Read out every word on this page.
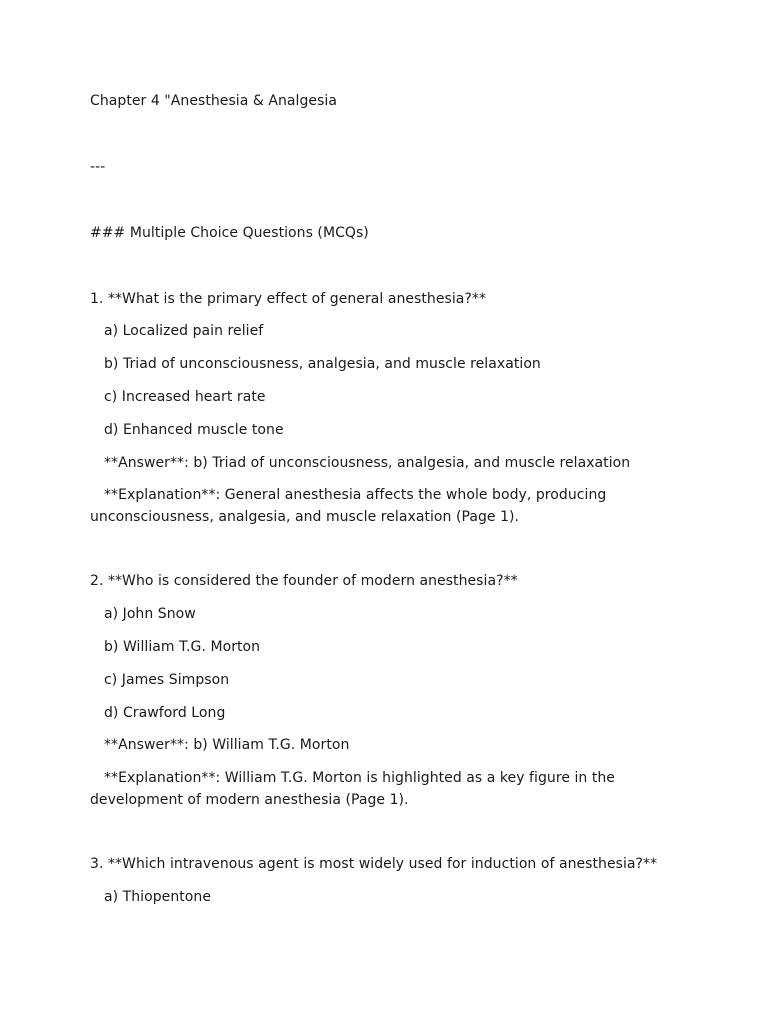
Chapter 4 "Anesthesia & Analgesia
---
### Multiple Choice Questions (MCQs)
1. **What is the primary effect of general anesthesia?**
a) Localized pain relief
b) Triad of unconsciousness, analgesia, and muscle relaxation
c) Increased heart rate
d) Enhanced muscle tone
**Answer**: b) Triad of unconsciousness, analgesia, and muscle relaxation
**Explanation**: General anesthesia affects the whole body, producing
unconsciousness, analgesia, and muscle relaxation (Page 1).
2. **Who is considered the founder of modern anesthesia?**
a) John Snow
b) William T.G. Morton
c) James Simpson
d) Crawford Long
**Answer**: b) William T.G. Morton
**Explanation**: William T.G. Morton is highlighted as a key figure in the
development of modern anesthesia (Page 1).
3. **Which intravenous agent is most widely used for induction of anesthesia?**
a) Thiopentone
